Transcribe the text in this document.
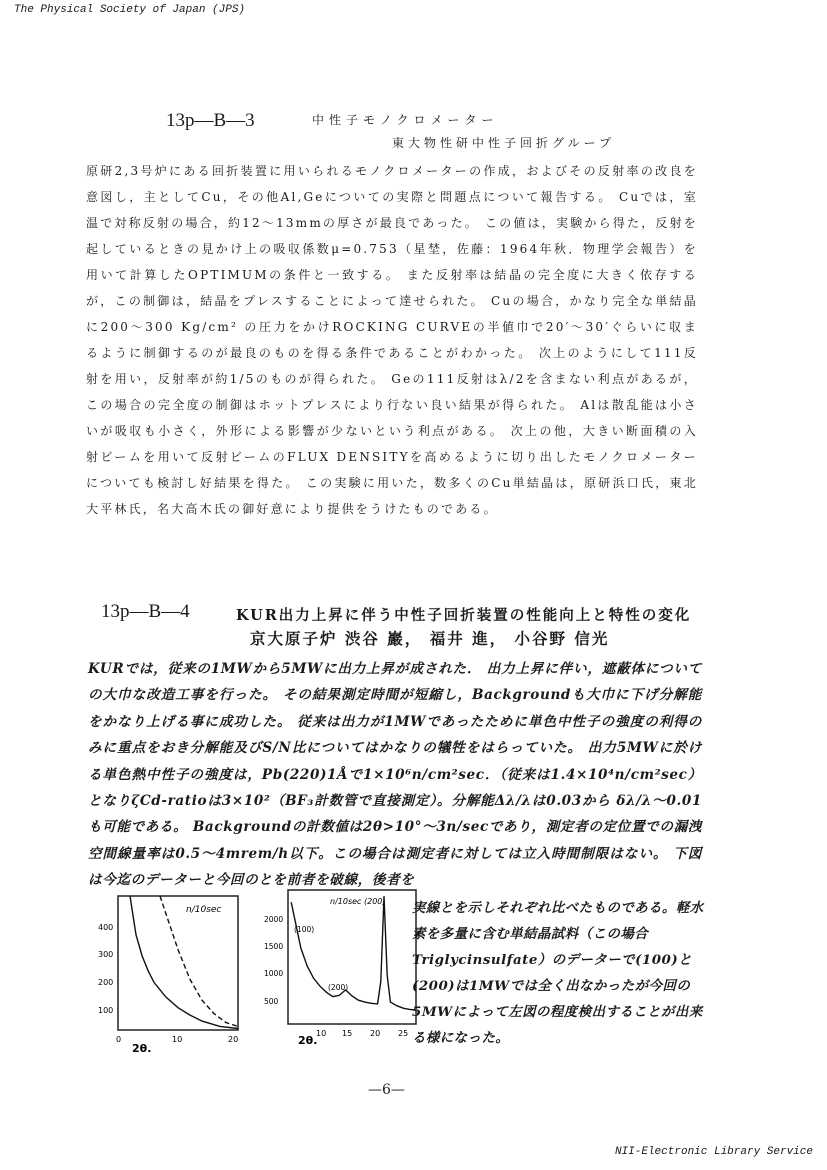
The Physical Society of Japan (JPS)
13p—B—3	中性子モノクロメーター
東大物性研中性子回折グループ

原研2,3号炉にある回折装置に用いられるモノクロメーターの作成，およびその反射率の改良を意図し，主としてCu，その他Al,Geについての実際と問題点について報告する。 Cuでは，室温で対称反射の場合，約12～13mmの厚さが最良であった。 この値は，実験から得た，反射を起しているときの見かけ上の吸収係数μ=0.753（星埜，佐藤：1964年秋．物理学会報告）を用いて計算したOPTIMUMの条件と一致する。 また反射率は結晶の完全度に大きく依存するが，この制御は，結晶をプレスすることによって達せられた。 Cuの場合，かなり完全な単結晶に200～300 Kg/cm² の圧力をかけROCKING CURVEの半値巾で20′～30′ぐらいに収まるように制御するのが最良のものを得る条件であることがわかった。 次上のようにして111反射を用い，反射率が約1/5のものが得られた。 Geの111反射はλ/2を含まない利点があるが，この場合の完全度の制御はホットプレスにより行ない良い結果が得られた。 Alは散乱能は小さいが吸収も小さく，外形による影響が少ないという利点がある。 次上の他，大きい断面積の入射ビームを用いて反射ビームのFLUX DENSITYを高めるように切り出したモノクロメーターについても検討し好結果を得た。 この実験に用いた，数多くのCu単結晶は，原研浜口氏，東北大平林氏，名大高木氏の御好意により提供をうけたものである。

13p—B—4	KUR出力上昇に伴う中性子回折装置の性能向上と特性の変化
京大原子炉 渋谷 巖， 福井 進， 小谷野 信光

KURでは，従来の1MWから5MWに出力上昇が成された． 出力上昇に伴い，遮蔽体についての大巾な改造工事を行った。 その結果測定時間が短縮し，Backgroundも大巾に下げ分解能をかなり上げる事に成功した。 従来は出力が1MWであったために単色中性子の強度の利得のみに重点をおき分解能及びS/N比についてはかなりの犠牲をはらっていた。 出力5MWに於ける単色熱中性子の強度は，Pb(220)1Åで1×10⁶n/cm²sec．（従来は1.4×10⁴n/cm²sec）となりζCd-ratioは3×10²（BF₃計数管で直接測定）。分解能Δλ/λは0.03から δλ/λ～0.01も可能である。 Backgroundの計数値は2θ>10°～3n/secであり，測定者の定位置での漏洩空間線量率は0.5～4mrem/h以下。この場合は測定者に対しては立入時間制限はない。 下図は今迄のデーターと今回のとを前者を破線，後者を

n/10sec
400
300
200
100
0	10	20
2θ.
n/10sec (200)
(100)
(200)
2000
1500
1000
500
10 15 20 25
2θ.

実線とを示しそれぞれ比べたものである。軽水素を多量に含む単結晶試料（この場合Triglycinsulfate）のデーターで(100)と(200)は1MWでは全く出なかったが今回の5MWによって左図の程度検出することが出来る様になった。

—6—
NII-Electronic Library Service
